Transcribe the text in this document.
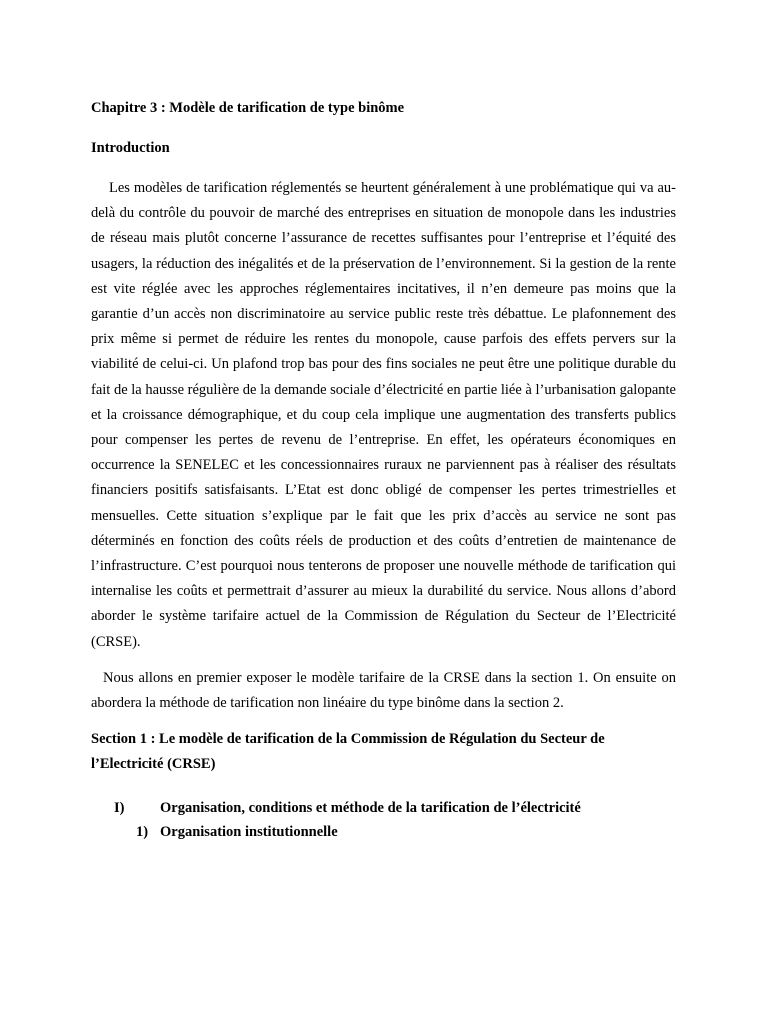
Chapitre 3 : Modèle de tarification de type binôme

Introduction

Les modèles de tarification réglementés se heurtent généralement à une problématique qui va au-delà du contrôle du pouvoir de marché des entreprises en situation de monopole dans les industries de réseau mais plutôt concerne l’assurance de recettes suffisantes pour l’entreprise et l’équité des usagers, la réduction des inégalités et de la préservation de l’environnement. Si la gestion de la rente est vite réglée avec les approches réglementaires incitatives, il n’en demeure pas moins que la garantie d’un accès non discriminatoire au service public reste très débattue. Le plafonnement des prix même si permet de réduire les rentes du monopole, cause parfois des effets pervers sur la viabilité de celui-ci. Un plafond trop bas pour des fins sociales ne peut être une politique durable du fait de la hausse régulière de la demande sociale d’électricité en partie liée à l’urbanisation galopante et la croissance démographique, et du coup cela implique une augmentation des transferts publics pour compenser les pertes de revenu de l’entreprise. En effet, les opérateurs économiques en occurrence la SENELEC et les concessionnaires ruraux ne parviennent pas à réaliser des résultats financiers positifs satisfaisants. L’Etat est donc obligé de compenser les pertes trimestrielles et mensuelles. Cette situation s’explique par le fait que les prix d’accès au service ne sont pas déterminés en fonction des coûts réels de production et des coûts d’entretien de maintenance de l’infrastructure. C’est pourquoi nous tenterons de proposer une nouvelle méthode de tarification qui internalise les coûts et permettrait d’assurer au mieux la durabilité du service. Nous allons d’abord aborder le système tarifaire actuel de la Commission de Régulation du Secteur de l’Electricité (CRSE).

Nous allons en premier exposer le modèle tarifaire de la CRSE dans la section 1. On ensuite on abordera la méthode de tarification non linéaire du type binôme dans la section 2.

Section 1 : Le modèle de tarification de la Commission de Régulation du Secteur de l’Electricité (CRSE)

I)	Organisation, conditions et méthode de la tarification de l’électricité
1) Organisation institutionnelle
